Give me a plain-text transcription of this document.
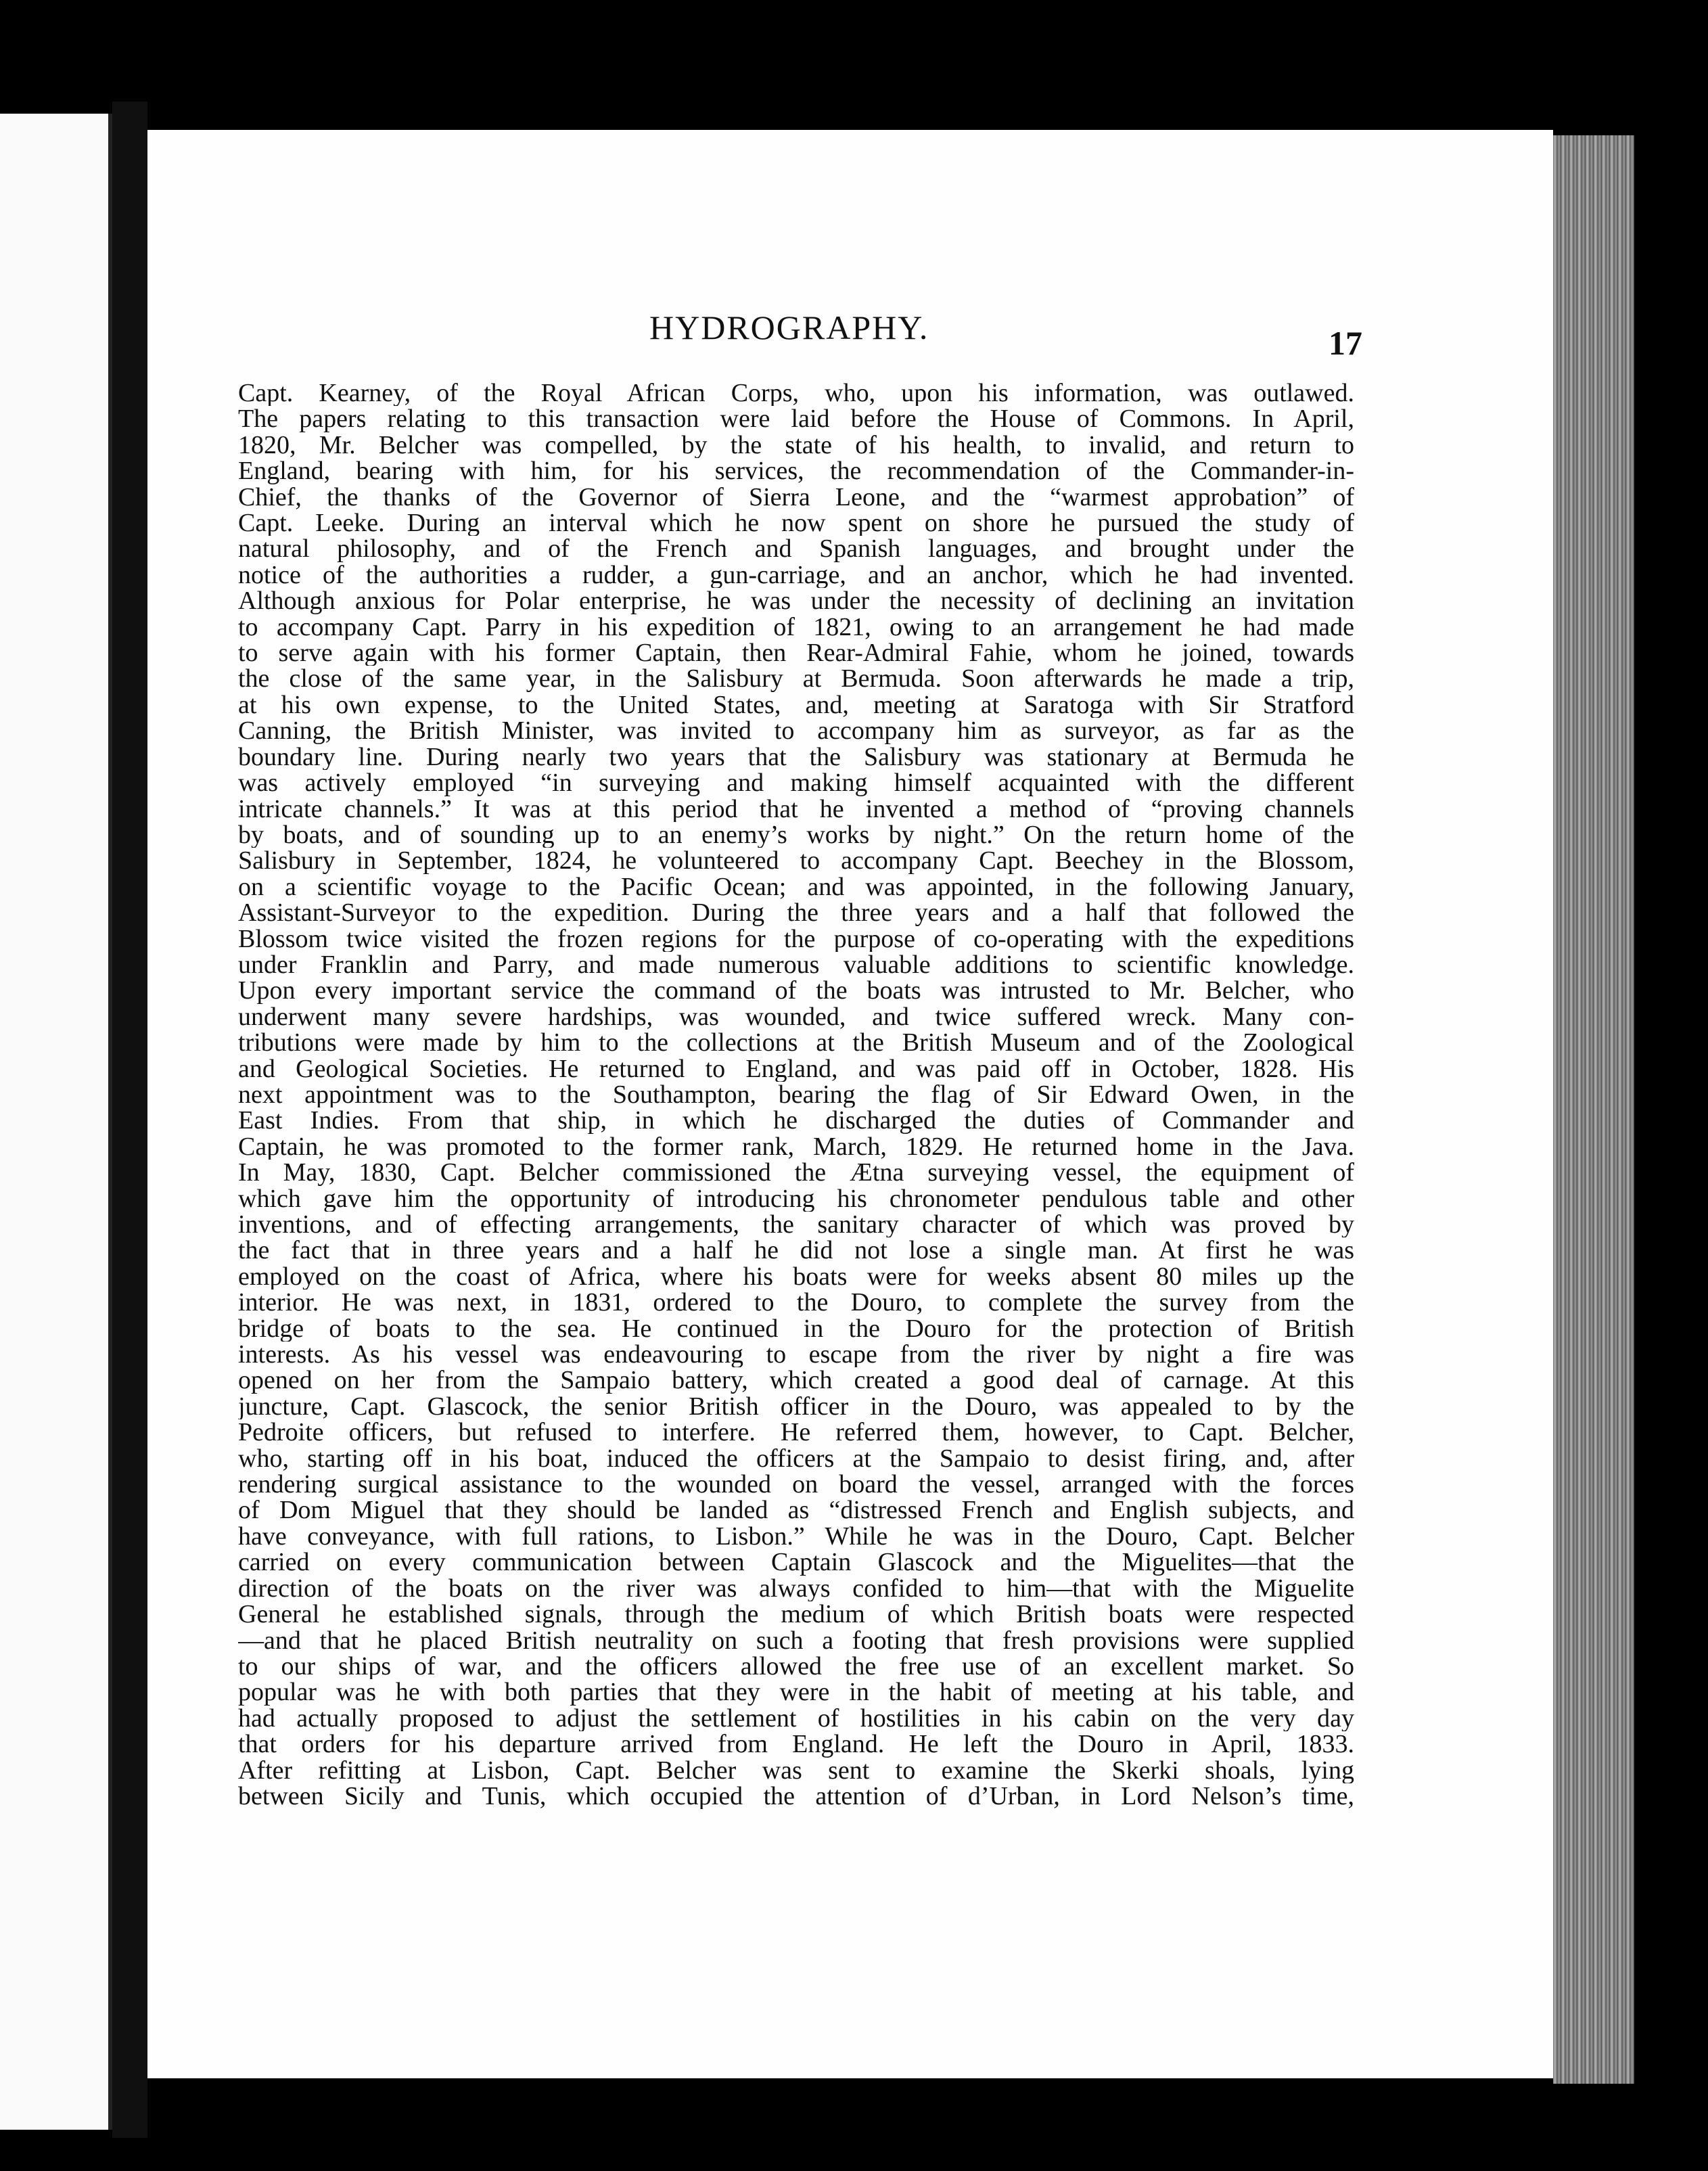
HYDROGRAPHY.	17
Capt. Kearney, of the Royal African Corps, who, upon his information, was outlawed.
The papers relating to this transaction were laid before the House of Commons. In April,
1820, Mr. Belcher was compelled, by the state of his health, to invalid, and return to
England, bearing with him, for his services, the recommendation of the Commander-in-
Chief, the thanks of the Governor of Sierra Leone, and the “warmest approbation” of
Capt. Leeke. During an interval which he now spent on shore he pursued the study of
natural philosophy, and of the French and Spanish languages, and brought under the
notice of the authorities a rudder, a gun-carriage, and an anchor, which he had invented.
Although anxious for Polar enterprise, he was under the necessity of declining an invitation
to accompany Capt. Parry in his expedition of 1821, owing to an arrangement he had made
to serve again with his former Captain, then Rear-Admiral Fahie, whom he joined, towards
the close of the same year, in the Salisbury at Bermuda. Soon afterwards he made a trip,
at his own expense, to the United States, and, meeting at Saratoga with Sir Stratford
Canning, the British Minister, was invited to accompany him as surveyor, as far as the
boundary line. During nearly two years that the Salisbury was stationary at Bermuda he
was actively employed “in surveying and making himself acquainted with the different
intricate channels.” It was at this period that he invented a method of “proving channels
by boats, and of sounding up to an enemy’s works by night.” On the return home of the
Salisbury in September, 1824, he volunteered to accompany Capt. Beechey in the Blossom,
on a scientific voyage to the Pacific Ocean; and was appointed, in the following January,
Assistant-Surveyor to the expedition. During the three years and a half that followed the
Blossom twice visited the frozen regions for the purpose of co-operating with the expeditions
under Franklin and Parry, and made numerous valuable additions to scientific knowledge.
Upon every important service the command of the boats was intrusted to Mr. Belcher, who
underwent many severe hardships, was wounded, and twice suffered wreck. Many con-
tributions were made by him to the collections at the British Museum and of the Zoological
and Geological Societies. He returned to England, and was paid off in October, 1828. His
next appointment was to the Southampton, bearing the flag of Sir Edward Owen, in the
East Indies. From that ship, in which he discharged the duties of Commander and
Captain, he was promoted to the former rank, March, 1829. He returned home in the Java.
In May, 1830, Capt. Belcher commissioned the Ætna surveying vessel, the equipment of
which gave him the opportunity of introducing his chronometer pendulous table and other
inventions, and of effecting arrangements, the sanitary character of which was proved by
the fact that in three years and a half he did not lose a single man. At first he was
employed on the coast of Africa, where his boats were for weeks absent 80 miles up the
interior. He was next, in 1831, ordered to the Douro, to complete the survey from the
bridge of boats to the sea. He continued in the Douro for the protection of British
interests. As his vessel was endeavouring to escape from the river by night a fire was
opened on her from the Sampaio battery, which created a good deal of carnage. At this
juncture, Capt. Glascock, the senior British officer in the Douro, was appealed to by the
Pedroite officers, but refused to interfere. He referred them, however, to Capt. Belcher,
who, starting off in his boat, induced the officers at the Sampaio to desist firing, and, after
rendering surgical assistance to the wounded on board the vessel, arranged with the forces
of Dom Miguel that they should be landed as “distressed French and English subjects, and
have conveyance, with full rations, to Lisbon.” While he was in the Douro, Capt. Belcher
carried on every communication between Captain Glascock and the Miguelites—that the
direction of the boats on the river was always confided to him—that with the Miguelite
General he established signals, through the medium of which British boats were respected
—and that he placed British neutrality on such a footing that fresh provisions were supplied
to our ships of war, and the officers allowed the free use of an excellent market. So
popular was he with both parties that they were in the habit of meeting at his table, and
had actually proposed to adjust the settlement of hostilities in his cabin on the very day
that orders for his departure arrived from England. He left the Douro in April, 1833.
After refitting at Lisbon, Capt. Belcher was sent to examine the Skerki shoals, lying
between Sicily and Tunis, which occupied the attention of d’Urban, in Lord Nelson’s time,
